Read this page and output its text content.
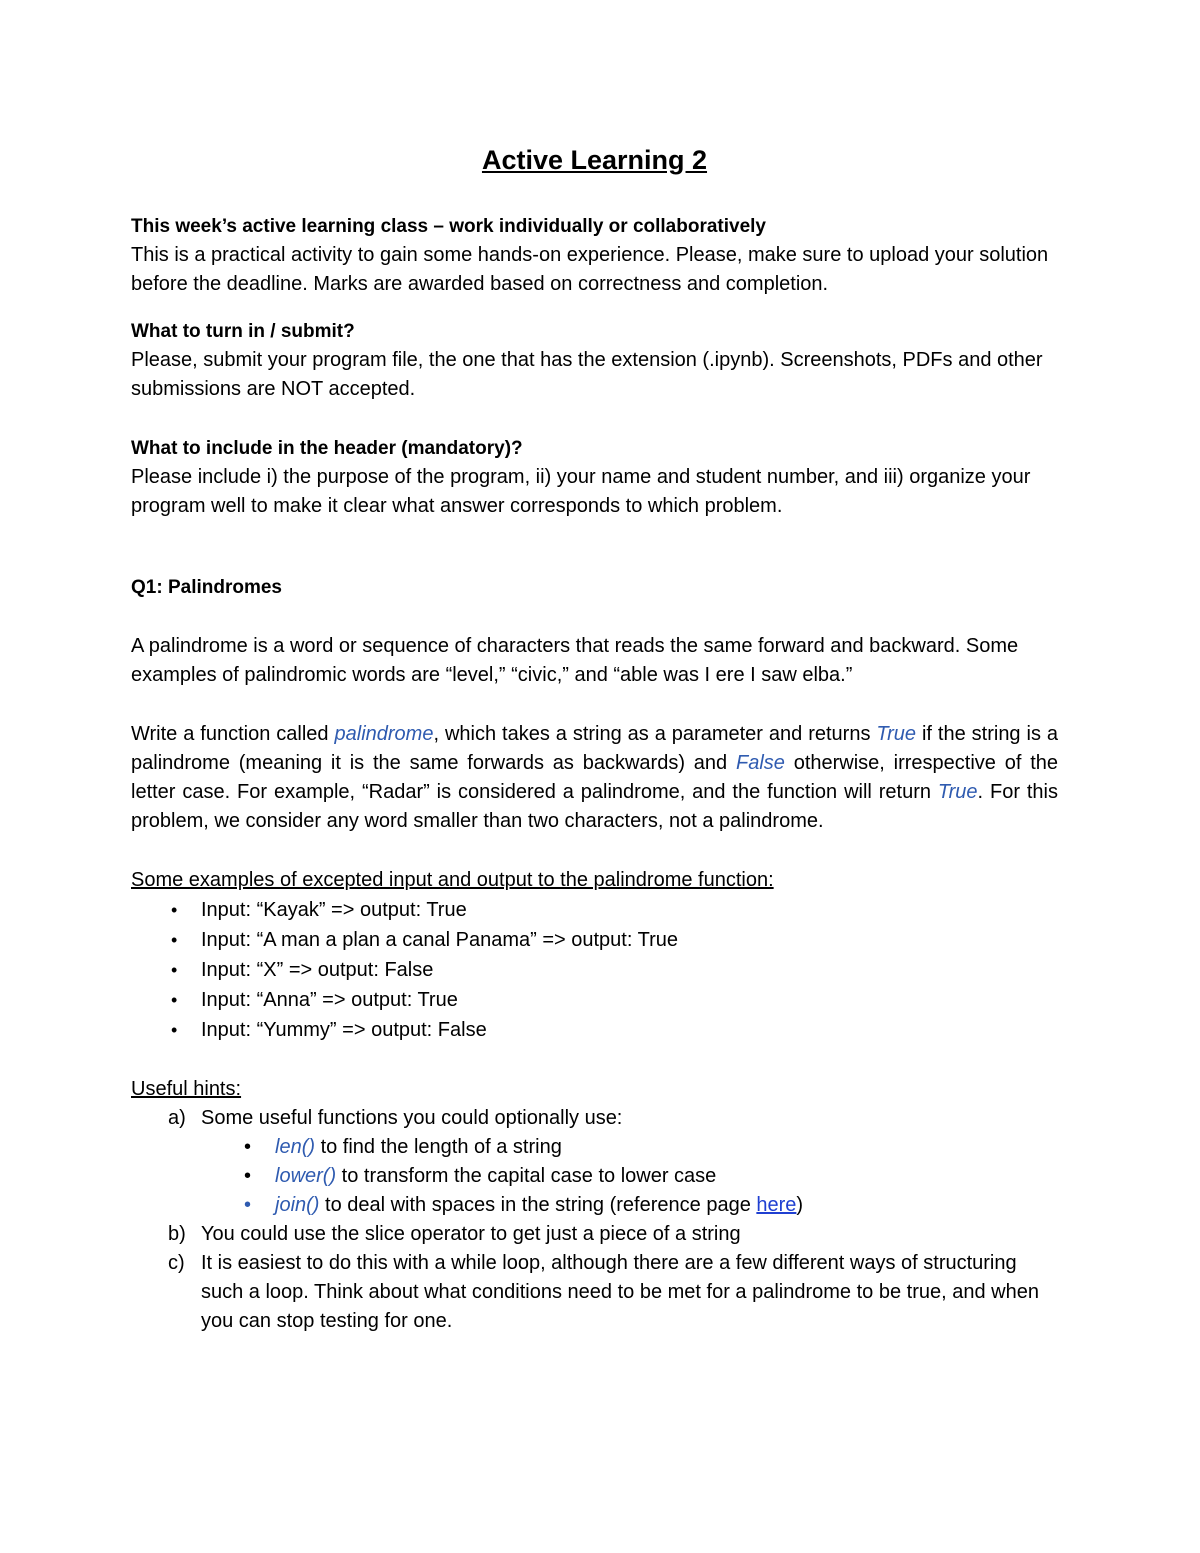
Active Learning 2

This week’s active learning class – work individually or collaboratively

This is a practical activity to gain some hands-on experience. Please, make sure to upload your solution before the deadline. Marks are awarded based on correctness and completion.

What to turn in / submit?

Please, submit your program file, the one that has the extension (.ipynb). Screenshots, PDFs and other submissions are NOT accepted.

What to include in the header (mandatory)?

Please include i) the purpose of the program, ii) your name and student number, and iii) organize your program well to make it clear what answer corresponds to which problem.

Q1: Palindromes

A palindrome is a word or sequence of characters that reads the same forward and backward. Some examples of palindromic words are “level,” “civic,” and “able was I ere I saw elba.”

Write a function called palindrome, which takes a string as a parameter and returns True if the string is a palindrome (meaning it is the same forwards as backwards) and False otherwise, irrespective of the letter case. For example, “Radar” is considered a palindrome, and the function will return True. For this problem, we consider any word smaller than two characters, not a palindrome.

Some examples of excepted input and output to the palindrome function:

• Input: “Kayak” => output: True
• Input: “A man a plan a canal Panama” => output: True
• Input: “X” => output: False
• Input: “Anna” => output: True
• Input: “Yummy” => output: False

Useful hints:

a) Some useful functions you could optionally use:
• len() to find the length of a string
• lower() to transform the capital case to lower case
• join() to deal with spaces in the string (reference page here)
b) You could use the slice operator to get just a piece of a string
c) It is easiest to do this with a while loop, although there are a few different ways of structuring such a loop. Think about what conditions need to be met for a palindrome to be true, and when you can stop testing for one.
